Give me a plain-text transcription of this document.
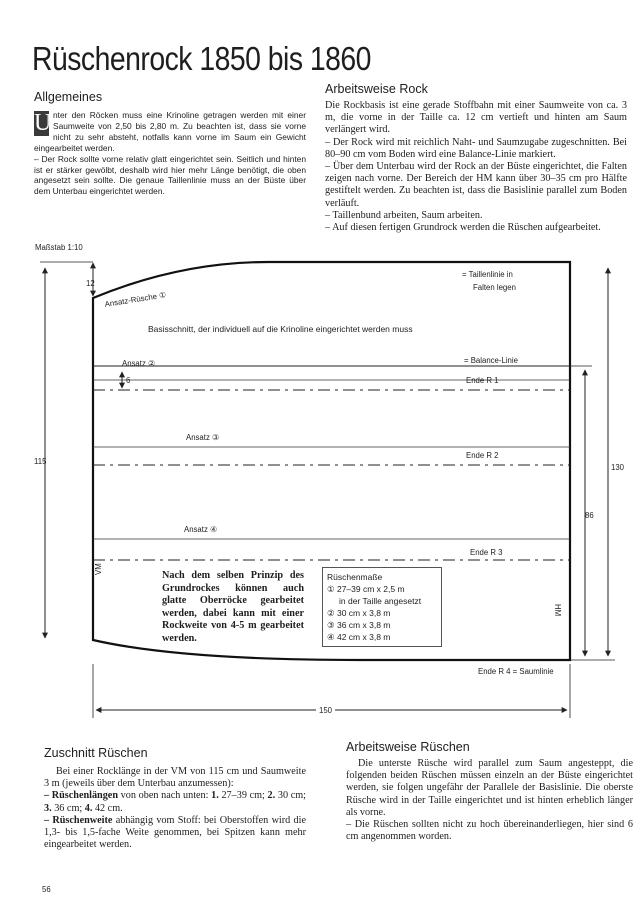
Rüschenrock 1850 bis 1860
Allgemeines

U nter den Röcken muss eine Krinoline getragen werden mit einer Saumweite von 2,50 bis 2,80 m. Zu beachten ist, dass sie vorne nicht zu sehr absteht, notfalls kann vorne im Saum ein Gewicht eingearbeitet werden.

– Der Rock sollte vorne relativ glatt eingerichtet sein. Seitlich und hinten ist er stärker gewölbt, deshalb wird hier mehr Länge benötigt, die oben angesetzt sein sollte. Die genaue Taillenlinie muss an der Büste über dem Unterbau eingerichtet werden.

Arbeitsweise Rock

Die Rockbasis ist eine gerade Stoffbahn mit einer Saumweite von ca. 3 m, die vorne in der Taille ca. 12 cm vertieft und hinten am Saum verlängert wird.

– Der Rock wird mit reichlich Naht- und Saumzugabe zugeschnitten. Bei 80–90 cm vom Boden wird eine Balance-Linie markiert.

– Über dem Unterbau wird der Rock an der Büste eingerichtet, die Falten zeigen nach vorne. Der Bereich der HM kann über 30–35 cm pro Hälfte gestiftelt werden. Zu beachten ist, dass die Basislinie parallel zum Boden verläuft.

– Taillenbund arbeiten, Saum arbeiten.

– Auf diesen fertigen Grundrock werden die Rüschen aufgearbeitet.

Maßstab 1:10
12
Ansatz-Rüsche ①
= Taillenlinie in
Falten legen
Basisschnitt, der individuell auf die Krinoline eingerichtet werden muss
Ansatz ②	= Balance-Linie
6	Ende R 1
Ansatz ③
Ende R 2
115
130
86
Ansatz ④
Ende R 3
VM
HM
Nach dem selben Prinzip des Grundrockes können auch glatte Oberröcke gearbeitet werden, dabei kann mit einer Rockweite von 4-5 m gearbeitet werden.
Rüschenmaße
① 27–39 cm x 2,5 m
in der Taille angesetzt
② 30 cm x 3,8 m
③ 36 cm x 3,8 m
④ 42 cm x 3,8 m
Ende R 4 = Saumlinie
150
Zuschnitt Rüschen

Bei einer Rocklänge in der VM von 115 cm und Saumweite 3 m (jeweils über dem Unterbau anzumessen):

– Rüschenlängen von oben nach unten: 1. 27–39 cm; 2. 30 cm; 3. 36 cm; 4. 42 cm.

– Rüschenweite abhängig vom Stoff: bei Oberstoffen wird die 1,3- bis 1,5-fache Weite genommen, bei Spitzen kann mehr eingearbeitet werden.

Arbeitsweise Rüschen

Die unterste Rüsche wird parallel zum Saum angesteppt, die folgenden beiden Rüschen müssen einzeln an der Büste eingerichtet werden, sie folgen ungefähr der Parallele der Basislinie. Die oberste Rüsche wird in der Taille eingerichtet und ist hinten erheblich länger als vorne.

– Die Rüschen sollten nicht zu hoch übereinanderliegen, hier sind 6 cm angenommen worden.

56
